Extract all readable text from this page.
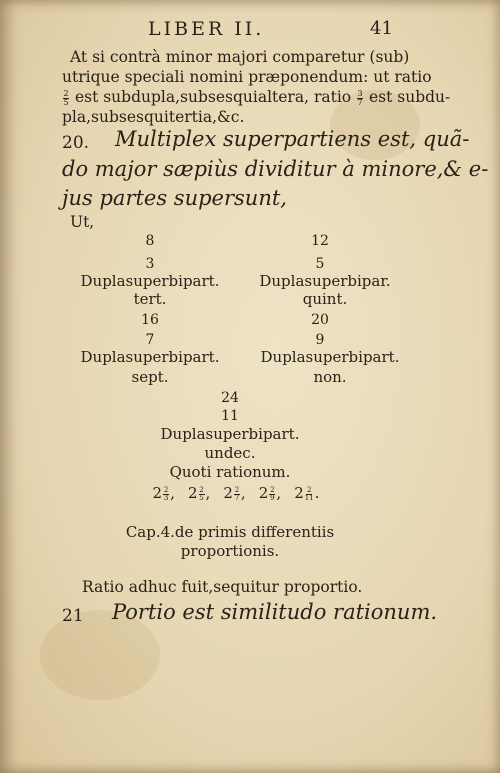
LIBER II.	41
At si contrà minor majori comparetur (sub)
utrique speciali nomini præponendum: ut ratio
$\frac{2}{5}$ est subdupla,subsesquialtera, ratio $\frac{3}{7}$ est subdu-
pla,subsesquitertia,&c.
20. Multiplex superpartiens est, quã-
do major sæpiùs dividitur à minore,& e-
jus partes supersunt,
Ut,
8
3
Duplasuperbipart.
tert.
12
5
Duplasuperbipar.
quint.
16
7
Duplasuperbipart.
sept.
20
9
Duplasuperbipart.
non.
24
11
Duplasuperbipart.
undec.
Quoti rationum.
$2\frac{2}{3}$, $2\frac{2}{5}$, $2\frac{2}{7}$, $2\frac{2}{9}$, $2\frac{2}{11}$.
Cap.4.de primis differentiis
proportionis.
Ratio adhuc fuit,sequitur proportio.
21 Portio est similitudo rationum.
